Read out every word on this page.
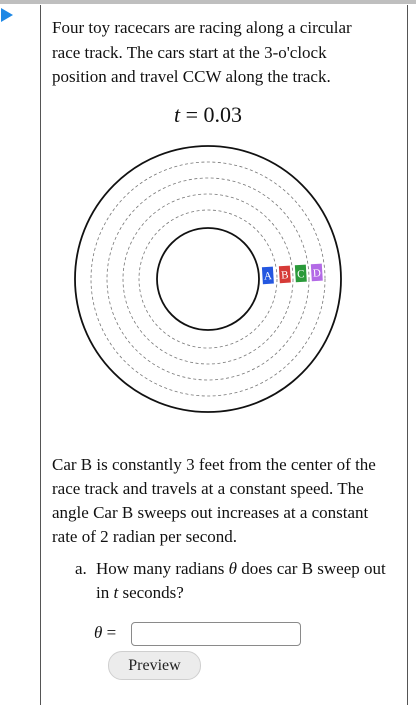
Four toy racecars are racing along a circular race track. The cars start at the 3-o'clock position and travel CCW along the track.

t = 0.03
A B C D

Car B is constantly 3 feet from the center of the race track and travels at a constant speed. The angle Car B sweeps out increases at a constant rate of 2 radian per second.

a. How many radians θ does car B sweep out in t seconds?
θ =
Preview
